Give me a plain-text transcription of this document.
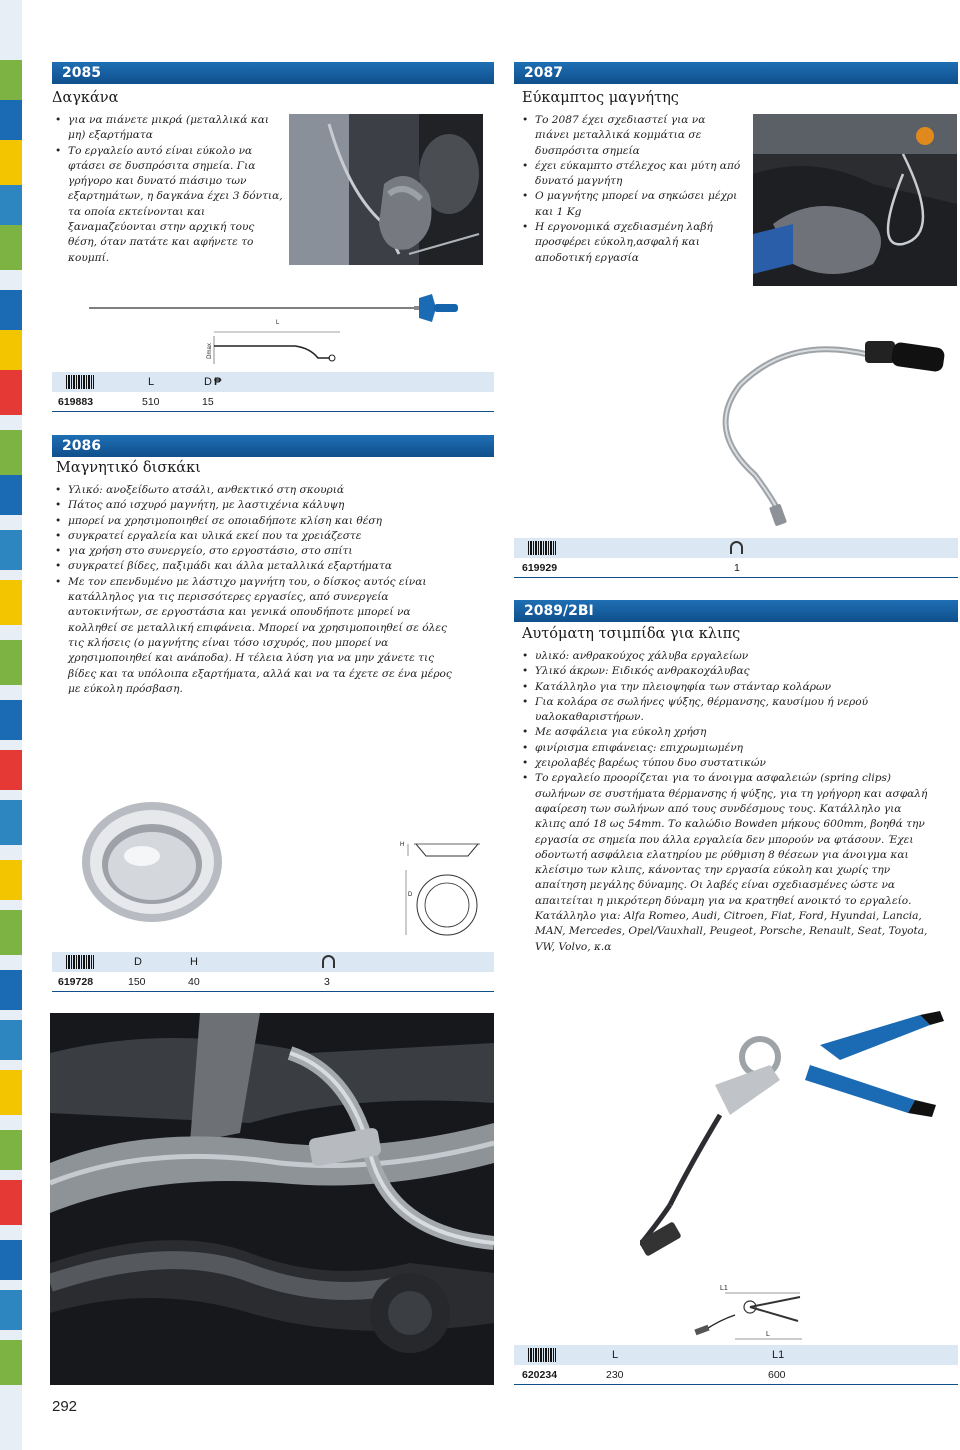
2085
Δαγκάνα
• για να πιάνετε μικρά (μεταλλικά και μη) εξαρτήματα
• Το εργαλείο αυτό είναι εύκολο να φτάσει σε δυσπρόσιτα σημεία. Για γρήγορο και δυνατό πιάσιμο των εξαρτημάτων, η δαγκάνα έχει 3 δόντια, τα οποία εκτείνονται και ξαναμαζεύονται στην αρχική τους θέση, όταν πατάτε και αφήνετε το κουμπί.
L
Dmax
L	D ₱
619883	510	15
2087
Εύκαμπτος μαγνήτης
• Το 2087 έχει σχεδιαστεί για να πιάνει μεταλλικά κομμάτια σε δυσπρόσιτα σημεία
• έχει εύκαμπτο στέλεχος και μύτη από δυνατό μαγνήτη
• Ο μαγνήτης μπορεί να σηκώσει μέχρι και 1 Kg
• Η εργονομικά σχεδιασμένη λαβή προσφέρει εύκολη,ασφαλή και αποδοτική εργασία
619929	1
2086
Μαγνητικό δισκάκι
• Υλικό: ανοξείδωτο ατσάλι, ανθεκτικό στη σκουριά
• Πάτος από ισχυρό μαγνήτη, με λαστιχένια κάλυψη
• μπορεί να χρησιμοποιηθεί σε οποιαδήποτε κλίση και θέση
• συγκρατεί εργαλεία και υλικά εκεί που τα χρειάζεστε
• για χρήση στο συνεργείο, στο εργοστάσιο, στο σπίτι
• συγκρατεί βίδες, παξιμάδι και άλλα μεταλλικά εξαρτήματα
• Με τον επενδυμένο με λάστιχο μαγνήτη του, ο δίσκος αυτός είναι κατάλληλος για τις περισσότερες εργασίες, από συνεργεία αυτοκινήτων, σε εργοστάσια και γενικά οπουδήποτε μπορεί να κολληθεί σε μεταλλική επιφάνεια. Μπορεί να χρησιμοποιηθεί σε όλες τις κλήσεις (ο μαγνήτης είναι τόσο ισχυρός, που μπορεί να χρησιμοποιηθεί και ανάποδα). Η τέλεια λύση για να μην χάνετε τις βίδες και τα υπόλοιπα εξαρτήματα, αλλά και να τα έχετε σε ένα μέρος με εύκολη πρόσβαση.
H
D
D	H
619728	150	40	3
2089/2BI
Αυτόματη τσιμπίδα για κλιπς
• υλικό: ανθρακούχος χάλυβα εργαλείων
• Υλικό άκρων: Ειδικός ανθρακοχάλυβας
• Κατάλληλο για την πλειοψηφία των στάνταρ κολάρων
• Για κολάρα σε σωλήνες ψύξης, θέρμανσης, καυσίμου ή νερού υαλοκαθαριστήρων.
• Με ασφάλεια για εύκολη χρήση
• φινίρισμα επιφάνειας: επιχρωμιωμένη
• χειρολαβές βαρέως τύπου δυο συστατικών
• Το εργαλείο προορίζεται για το άνοιγμα ασφαλειών (spring clips) σωλήνων σε συστήματα θέρμανσης ή ψύξης, για τη γρήγορη και ασφαλή αφαίρεση των σωλήνων από τους συνδέσμους τους. Κατάλληλο για κλιπς από 18 ως 54mm. Το καλώδιο Bowden μήκους 600mm, βοηθά την εργασία σε σημεία που άλλα εργαλεία δεν μπορούν να φτάσουν. Έχει οδοντωτή ασφάλεια ελατηρίου με ρύθμιση 8 θέσεων για άνοιγμα και κλείσιμο των κλιπς, κάνοντας την εργασία εύκολη και χωρίς την απαίτηση μεγάλης δύναμης. Οι λαβές είναι σχεδιασμένες ώστε να απαιτείται η μικρότερη δύναμη για να κρατηθεί ανοικτό το εργαλείο. Κατάλληλο για: Alfa Romeo, Audi, Citroen, Fiat, Ford, Hyundai, Lancia, MAN, Mercedes, Opel/Vauxhall, Peugeot, Porsche, Renault, Seat, Toyota, VW, Volvo, κ.α
L1
L
L	L1
620234	230	600
292
